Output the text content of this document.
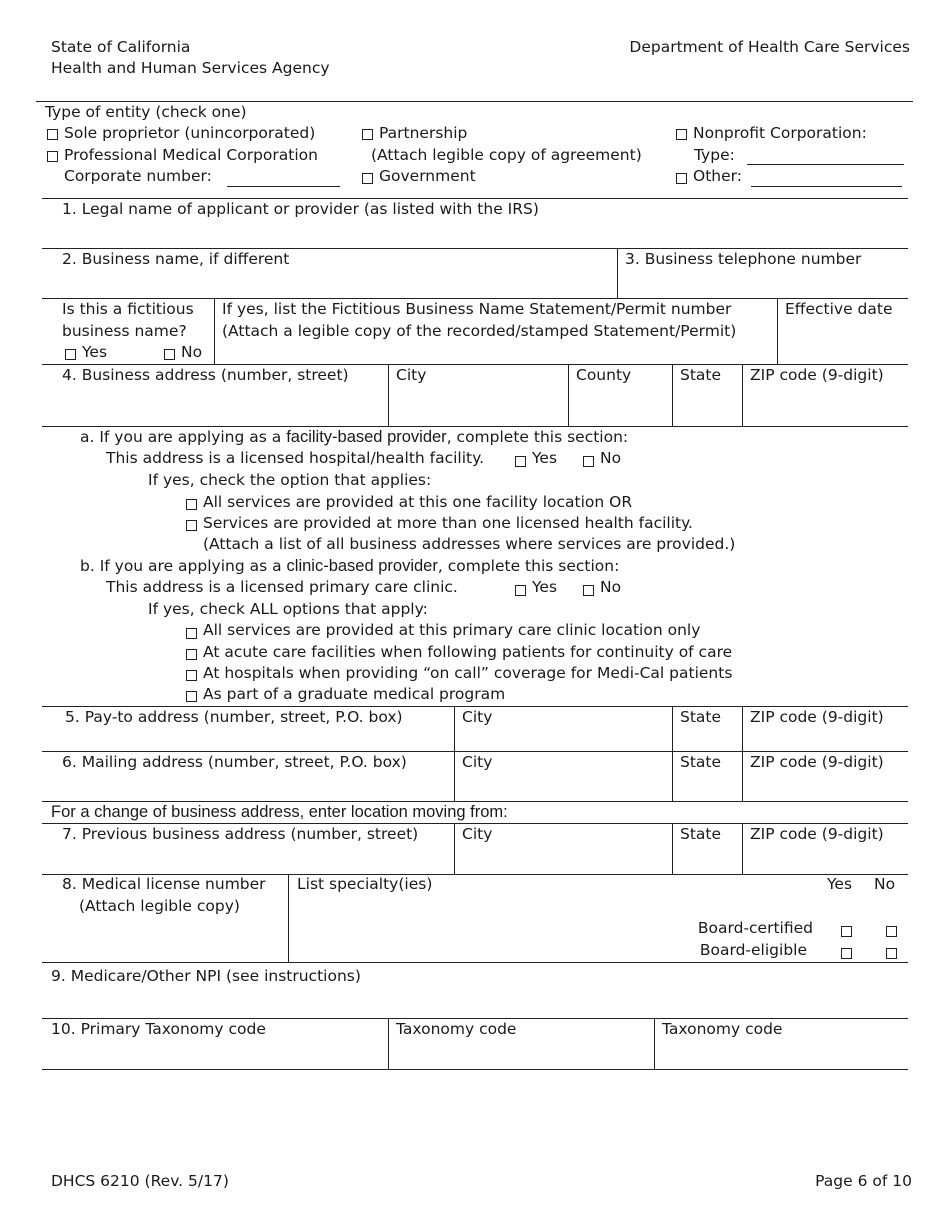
State of California
Health and Human Services Agency
Department of Health Care Services
Type of entity (check one)
Sole proprietor (unincorporated)
Professional Medical Corporation
Corporate number:
Partnership
(Attach legible copy of agreement)
Government
Nonprofit Corporation:
Type:
Other:
1. Legal name of applicant or provider (as listed with the IRS)
2. Business name, if different	3. Business telephone number
Is this a fictitious
business name?
Yes	No
If yes, list the Fictitious Business Name Statement/Permit number
(Attach a legible copy of the recorded/stamped Statement/Permit)
Effective date
4. Business address (number, street)	City	County	State ZIP code (9-digit)
a. If you are applying as a facility-based provider, complete this section:
This address is a licensed hospital/health facility.	Yes	No
If yes, check the option that applies:
All services are provided at this one facility location OR
Services are provided at more than one licensed health facility.
(Attach a list of all business addresses where services are provided.)
b. If you are applying as a clinic-based provider, complete this section:
This address is a licensed primary care clinic.	Yes	No
If yes, check ALL options that apply:
All services are provided at this primary care clinic location only
At acute care facilities when following patients for continuity of care
At hospitals when providing “on call” coverage for Medi-Cal patients
As part of a graduate medical program
5. Pay-to address (number, street, P.O. box)	City	State ZIP code (9-digit)
6. Mailing address (number, street, P.O. box)	City	State ZIP code (9-digit)
For a change of business address, enter location moving from:
7. Previous business address (number, street)	City	State ZIP code (9-digit)
8. Medical license number
(Attach legible copy)
List specialty(ies)	Yes No
Board-certified
Board-eligible
9. Medicare/Other NPI (see instructions)
10. Primary Taxonomy code	Taxonomy code	Taxonomy code
DHCS 6210 (Rev. 5/17)	Page 6 of 10
